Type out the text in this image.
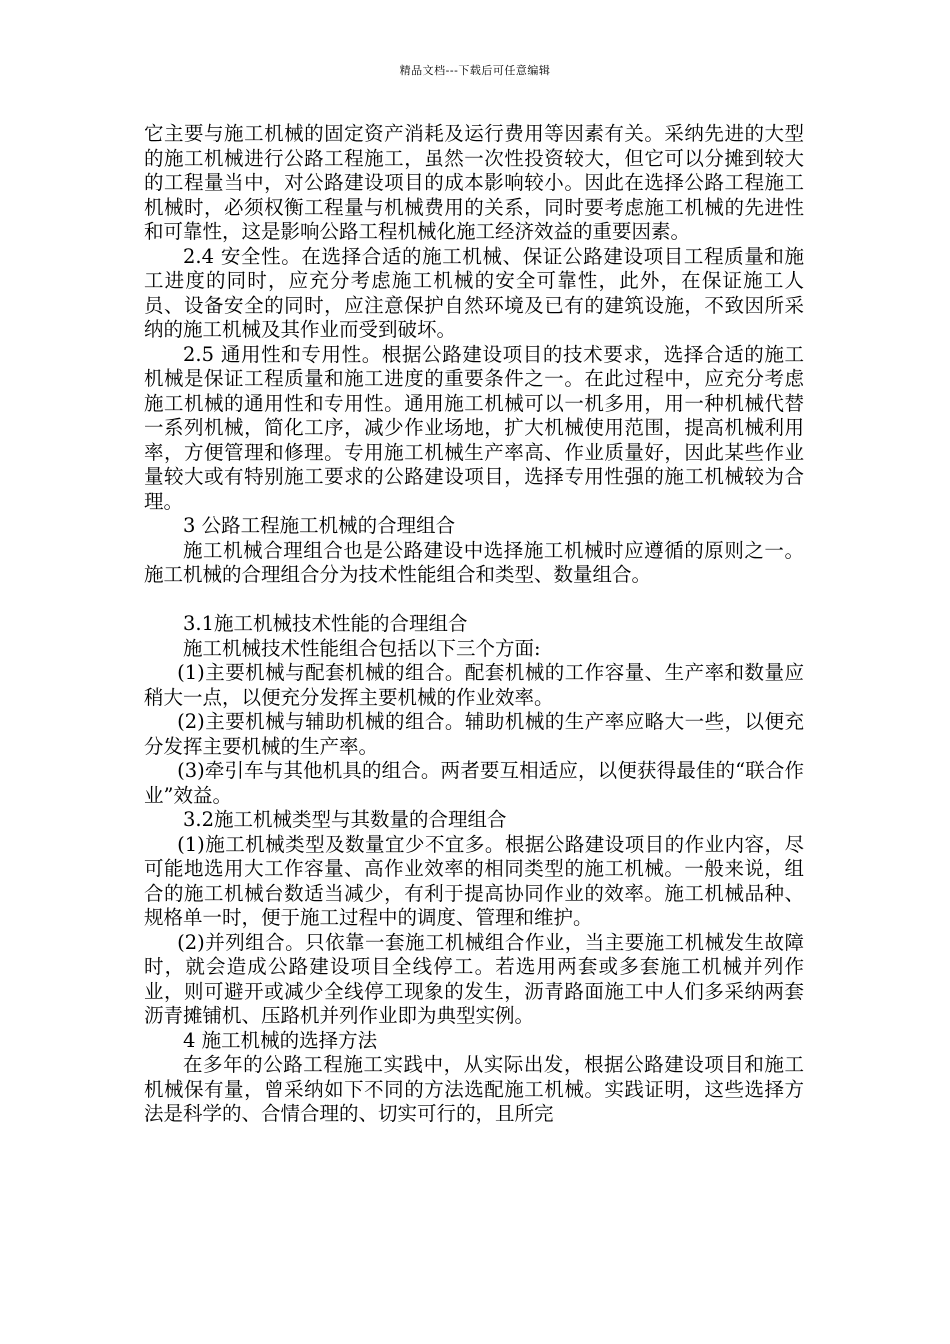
精品文档---下载后可任意编辑

它主要与施工机械的固定资产消耗及运行费用等因素有关。采纳先进的大型的施工机械进行公路工程施工，虽然一次性投资较大，但它可以分摊到较大的工程量当中，对公路建设项目的成本影响较小。因此在选择公路工程施工机械时，必须权衡工程量与机械费用的关系，同时要考虑施工机械的先进性和可靠性，这是影响公路工程机械化施工经济效益的重要因素。

2.4 安全性。在选择合适的施工机械、保证公路建设项目工程质量和施工进度的同时，应充分考虑施工机械的安全可靠性，此外，在保证施工人员、设备安全的同时，应注意保护自然环境及已有的建筑设施，不致因所采纳的施工机械及其作业而受到破坏。

2.5 通用性和专用性。根据公路建设项目的技术要求，选择合适的施工机械是保证工程质量和施工进度的重要条件之一。在此过程中，应充分考虑施工机械的通用性和专用性。通用施工机械可以一机多用，用一种机械代替一系列机械，简化工序，减少作业场地，扩大机械使用范围，提高机械利用率，方便管理和修理。专用施工机械生产率高、作业质量好，因此某些作业量较大或有特别施工要求的公路建设项目，选择专用性强的施工机械较为合理。

3 公路工程施工机械的合理组合

施工机械合理组合也是公路建设中选择施工机械时应遵循的原则之一。施工机械的合理组合分为技术性能组合和类型、数量组合。

3.1施工机械技术性能的合理组合

施工机械技术性能组合包括以下三个方面:

(1)主要机械与配套机械的组合。配套机械的工作容量、生产率和数量应稍大一点，以便充分发挥主要机械的作业效率。

(2)主要机械与辅助机械的组合。辅助机械的生产率应略大一些，以便充分发挥主要机械的生产率。

(3)牵引车与其他机具的组合。两者要互相适应，以便获得最佳的“联合作业”效益。

3.2施工机械类型与其数量的合理组合

(1)施工机械类型及数量宜少不宜多。根据公路建设项目的作业内容，尽可能地选用大工作容量、高作业效率的相同类型的施工机械。一般来说，组合的施工机械台数适当减少，有利于提高协同作业的效率。施工机械品种、规格单一时，便于施工过程中的调度、管理和维护。

(2)并列组合。只依靠一套施工机械组合作业，当主要施工机械发生故障时，就会造成公路建设项目全线停工。若选用两套或多套施工机械并列作业，则可避开或减少全线停工现象的发生，沥青路面施工中人们多采纳两套沥青摊铺机、压路机并列作业即为典型实例。

4 施工机械的选择方法

在多年的公路工程施工实践中，从实际出发，根据公路建设项目和施工机械保有量，曾采纳如下不同的方法选配施工机械。实践证明，这些选择方法是科学的、合情合理的、切实可行的，且所完
